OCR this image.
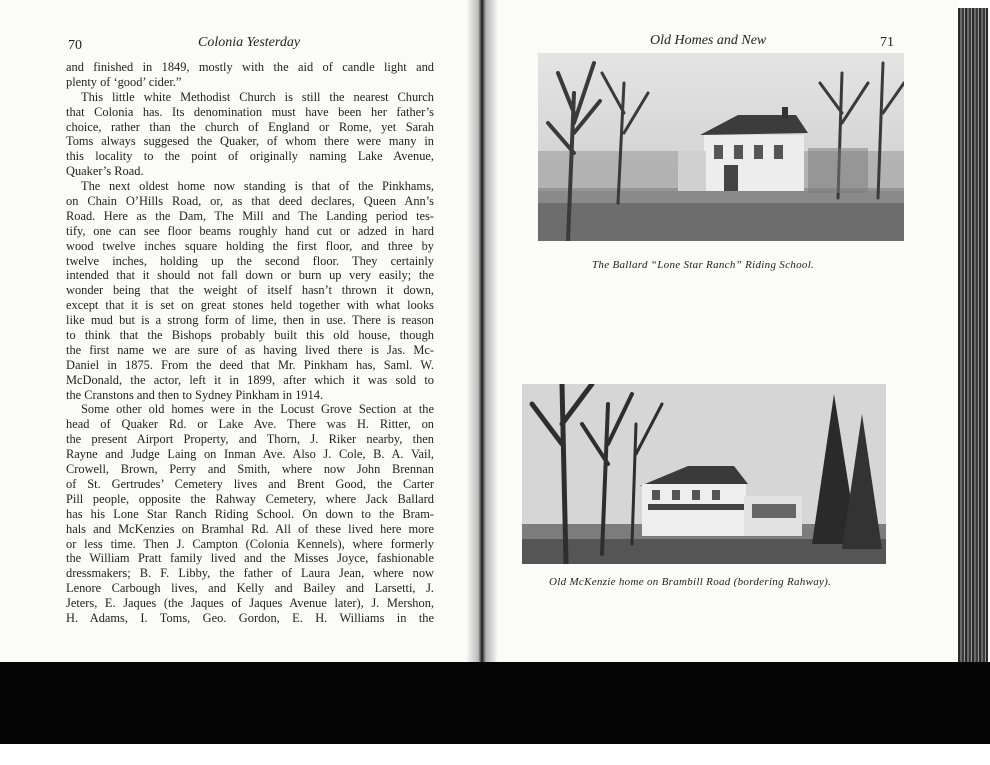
70	Colonia Yesterday
and finished in 1849, mostly with the aid of candle light and
plenty of ‘good’ cider.”
This little white Methodist Church is still the nearest Church
that Colonia has. Its denomination must have been her father’s
choice, rather than the church of England or Rome, yet Sarah
Toms always suggesed the Quaker, of whom there were many in
this locality to the point of originally naming Lake Avenue,
Quaker’s Road.
The next oldest home now standing is that of the Pinkhams,
on Chain O’Hills Road, or, as that deed declares, Queen Ann’s
Road. Here as the Dam, The Mill and The Landing period tes-
tify, one can see floor beams roughly hand cut or adzed in hard
wood twelve inches square holding the first floor, and three by
twelve inches, holding up the second floor. They certainly
intended that it should not fall down or burn up very easily; the
wonder being that the weight of itself hasn’t thrown it down,
except that it is set on great stones held together with what looks
like mud but is a strong form of lime, then in use. There is reason
to think that the Bishops probably built this old house, though
the first name we are sure of as having lived there is Jas. Mc-
Daniel in 1875. From the deed that Mr. Pinkham has, Saml. W.
McDonald, the actor, left it in 1899, after which it was sold to
the Cranstons and then to Sydney Pinkham in 1914.
Some other old homes were in the Locust Grove Section at the
head of Quaker Rd. or Lake Ave. There was H. Ritter, on
the present Airport Property, and Thorn, J. Riker nearby, then
Rayne and Judge Laing on Inman Ave. Also J. Cole, B. A. Vail,
Crowell, Brown, Perry and Smith, where now John Brennan
of St. Gertrudes’ Cemetery lives and Brent Good, the Carter
Pill people, opposite the Rahway Cemetery, where Jack Ballard
has his Lone Star Ranch Riding School. On down to the Bram-
hals and McKenzies on Bramhal Rd. All of these lived here more
or less time. Then J. Campton (Colonia Kennels), where formerly
the William Pratt family lived and the Misses Joyce, fashionable
dressmakers; B. F. Libby, the father of Laura Jean, where now
Lenore Carbough lives, and Kelly and Bailey and Larsetti, J.
Jeters, E. Jaques (the Jaques of Jaques Avenue later), J. Mershon,
H. Adams, I. Toms, Geo. Gordon, E. H. Williams in the
Old Homes and New	71
The Ballard “Lone Star Ranch” Riding School.
Old McKenzie home on Brambill Road (bordering Rahway).
